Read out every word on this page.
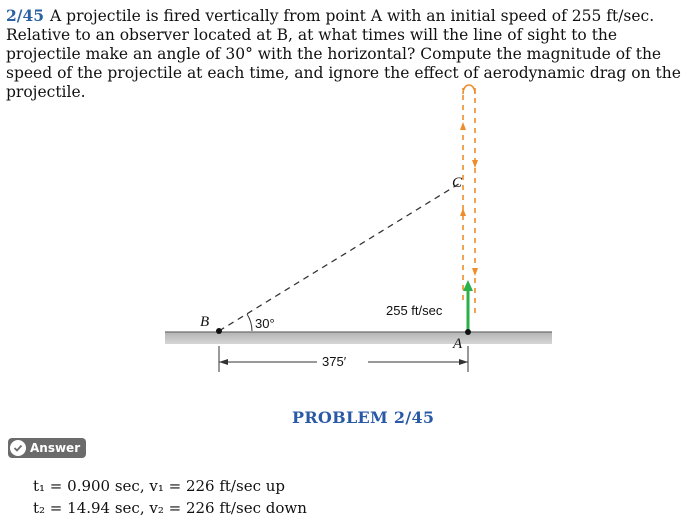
2/45 A projectile is fired vertically from point A with an initial speed of 255 ft/sec. Relative to an observer located at B, at what times will the line of sight to the projectile make an angle of 30° with the horizontal? Compute the magnitude of the speed of the projectile at each time, and ignore the effect of aerodynamic drag on the projectile.

B	30°
C
A
255 ft/sec
375′
PROBLEM 2/45
Answer
t₁ = 0.900 sec, v₁ = 226 ft/sec up
t₂ = 14.94 sec, v₂ = 226 ft/sec down
